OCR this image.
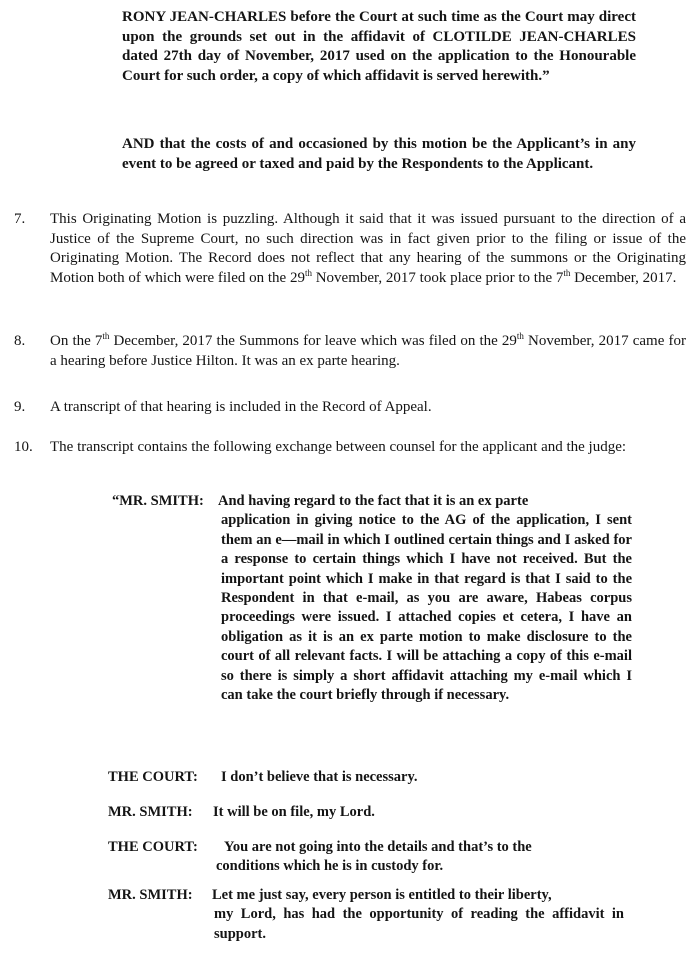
RONY JEAN-CHARLES before the Court at such time as the Court may direct upon the grounds set out in the affidavit of CLOTILDE JEAN-CHARLES dated 27th day of November, 2017 used on the application to the Honourable Court for such order, a copy of which affidavit is served herewith.”
AND that the costs of and occasioned by this motion be the Applicant’s in any event to be agreed or taxed and paid by the Respondents to the Applicant.
7.	This Originating Motion is puzzling. Although it said that it was issued pursuant to the direction of a Justice of the Supreme Court, no such direction was in fact given prior to the filing or issue of the Originating Motion. The Record does not reflect that any hearing of the summons or the Originating Motion both of which were filed on the 29th November, 2017 took place prior to the 7th December, 2017.
8.	On the 7th December, 2017 the Summons for leave which was filed on the 29th November, 2017 came for a hearing before Justice Hilton. It was an ex parte hearing.
9.	A transcript of that hearing is included in the Record of Appeal.
10.	The transcript contains the following exchange between counsel for the applicant and the judge:
“MR. SMITH: And having regard to the fact that it is an ex parte
application in giving notice to the AG of the application, I sent them an e—mail in which I outlined certain things and I asked for a response to certain things which I have not received. But the important point which I make in that regard is that I said to the Respondent in that e-mail, as you are aware, Habeas corpus proceedings were issued. I attached copies et cetera, I have an obligation as it is an ex parte motion to make disclosure to the court of all relevant facts. I will be attaching a copy of this e-mail so there is simply a short affidavit attaching my e-mail which I can take the court briefly through if necessary.
THE COURT: I don’t believe that is necessary.
MR. SMITH: It will be on file, my Lord.
THE COURT: You are not going into the details and that’s to the
conditions which he is in custody for.
MR. SMITH: Let me just say, every person is entitled to their liberty,
my Lord, has had the opportunity of reading the affidavit in support.
